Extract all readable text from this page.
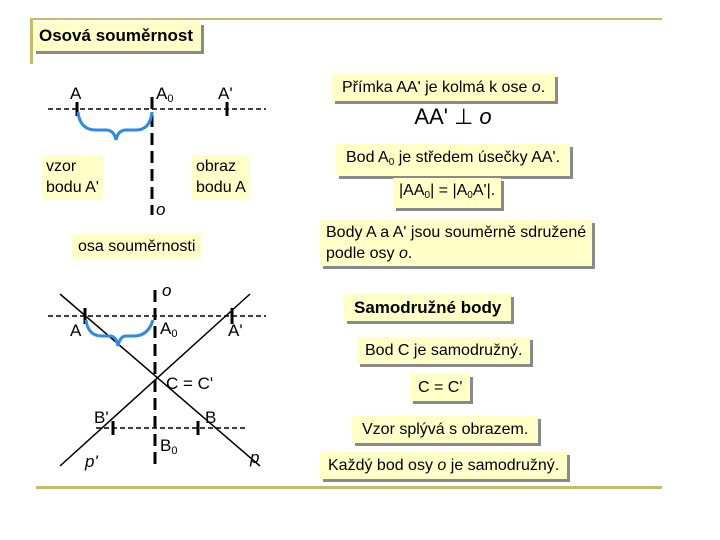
Osová souměrnost
A	$A_0$	A'
vzor
bodu A'
obraz
bodu A
o
osa souměrnosti
o
A	$A_0$	A'
C = C'
B'	B
$B_0$
p'	p
Přímka AA' je kolmá k ose o.
AA' ⊥ o
Bod $A_0$ je středem úsečky AA'.
$|AA_0| = |A_0A'|$.
Body A a A' jsou souměrně sdružené
podle osy o.
Samodružné body
Bod C je samodružný.
C = C'
Vzor splývá s obrazem.
Každý bod osy o je samodružný.
